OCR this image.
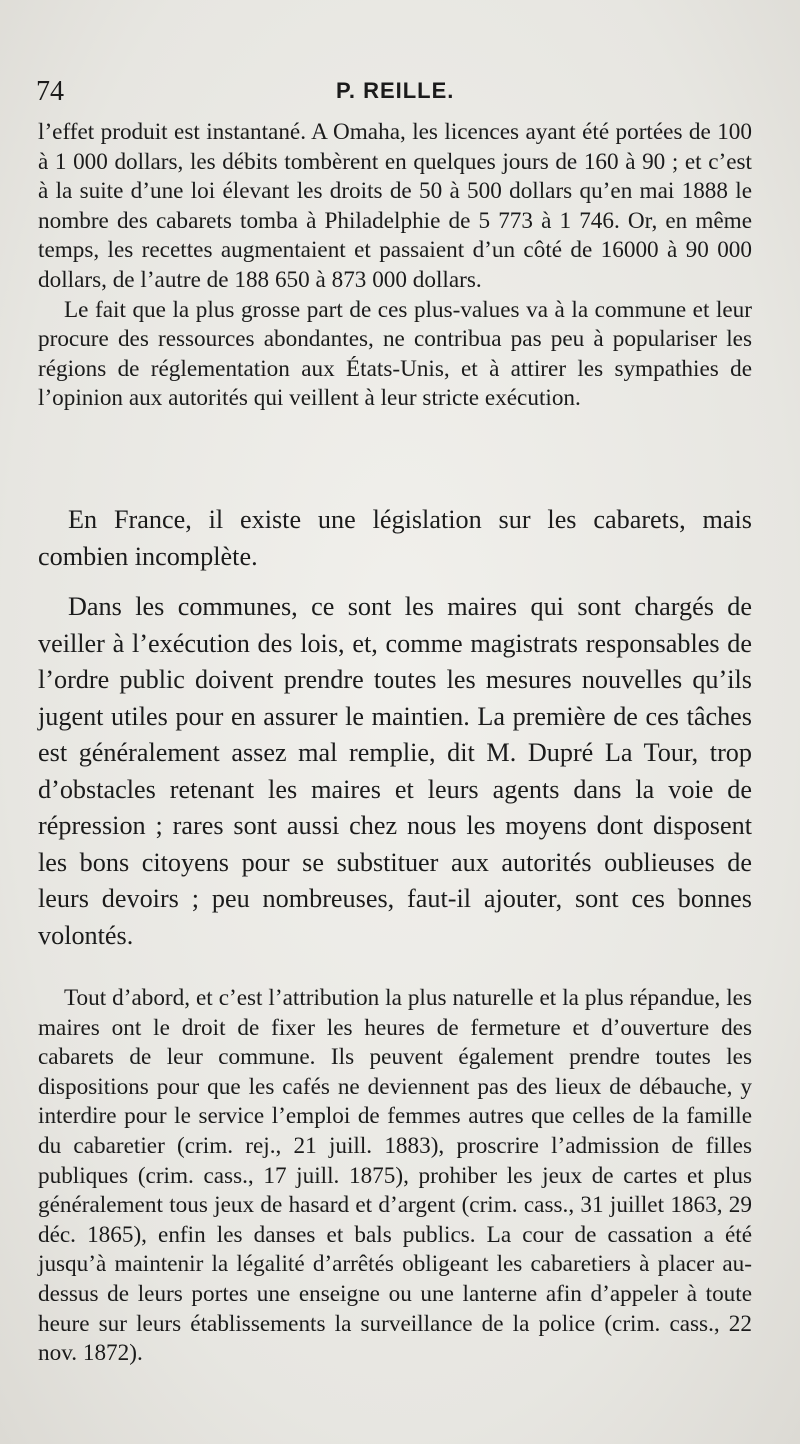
74	P. REILLE.

l’effet produit est instantané. A Omaha, les licences ayant été portées de 100 à 1 000 dollars, les débits tombèrent en quelques jours de 160 à 90 ; et c’est à la suite d’une loi élevant les droits de 50 à 500 dollars qu’en mai 1888 le nombre des cabarets tomba à Philadelphie de 5 773 à 1 746. Or, en même temps, les recettes augmentaient et passaient d’un côté de 16000 à 90 000 dollars, de l’autre de 188 650 à 873 000 dollars.

Le fait que la plus grosse part de ces plus-values va à la commune et leur procure des ressources abondantes, ne contribua pas peu à populariser les régions de réglementation aux États-Unis, et à attirer les sympathies de l’opinion aux autorités qui veillent à leur stricte exécution.

En France, il existe une législation sur les cabarets, mais combien incomplète.

Dans les communes, ce sont les maires qui sont chargés de veiller à l’exécution des lois, et, comme magistrats responsables de l’ordre public doivent prendre toutes les mesures nouvelles qu’ils jugent utiles pour en assurer le maintien. La première de ces tâches est généralement assez mal remplie, dit M. Dupré La Tour, trop d’obstacles retenant les maires et leurs agents dans la voie de répression ; rares sont aussi chez nous les moyens dont disposent les bons citoyens pour se substituer aux autorités oublieuses de leurs devoirs ; peu nombreuses, faut-il ajouter, sont ces bonnes volontés.

Tout d’abord, et c’est l’attribution la plus naturelle et la plus répandue, les maires ont le droit de fixer les heures de fermeture et d’ouverture des cabarets de leur commune. Ils peuvent également prendre toutes les dispositions pour que les cafés ne deviennent pas des lieux de débauche, y interdire pour le service l’emploi de femmes autres que celles de la famille du cabaretier (crim. rej., 21 juill. 1883), proscrire l’admission de filles publiques (crim. cass., 17 juill. 1875), prohiber les jeux de cartes et plus généralement tous jeux de hasard et d’argent (crim. cass., 31 juillet 1863, 29 déc. 1865), enfin les danses et bals publics. La cour de cassation a été jusqu’à maintenir la légalité d’arrêtés obligeant les cabaretiers à placer au-dessus de leurs portes une enseigne ou une lanterne afin d’appeler à toute heure sur leurs établissements la surveillance de la police (crim. cass., 22 nov. 1872).
